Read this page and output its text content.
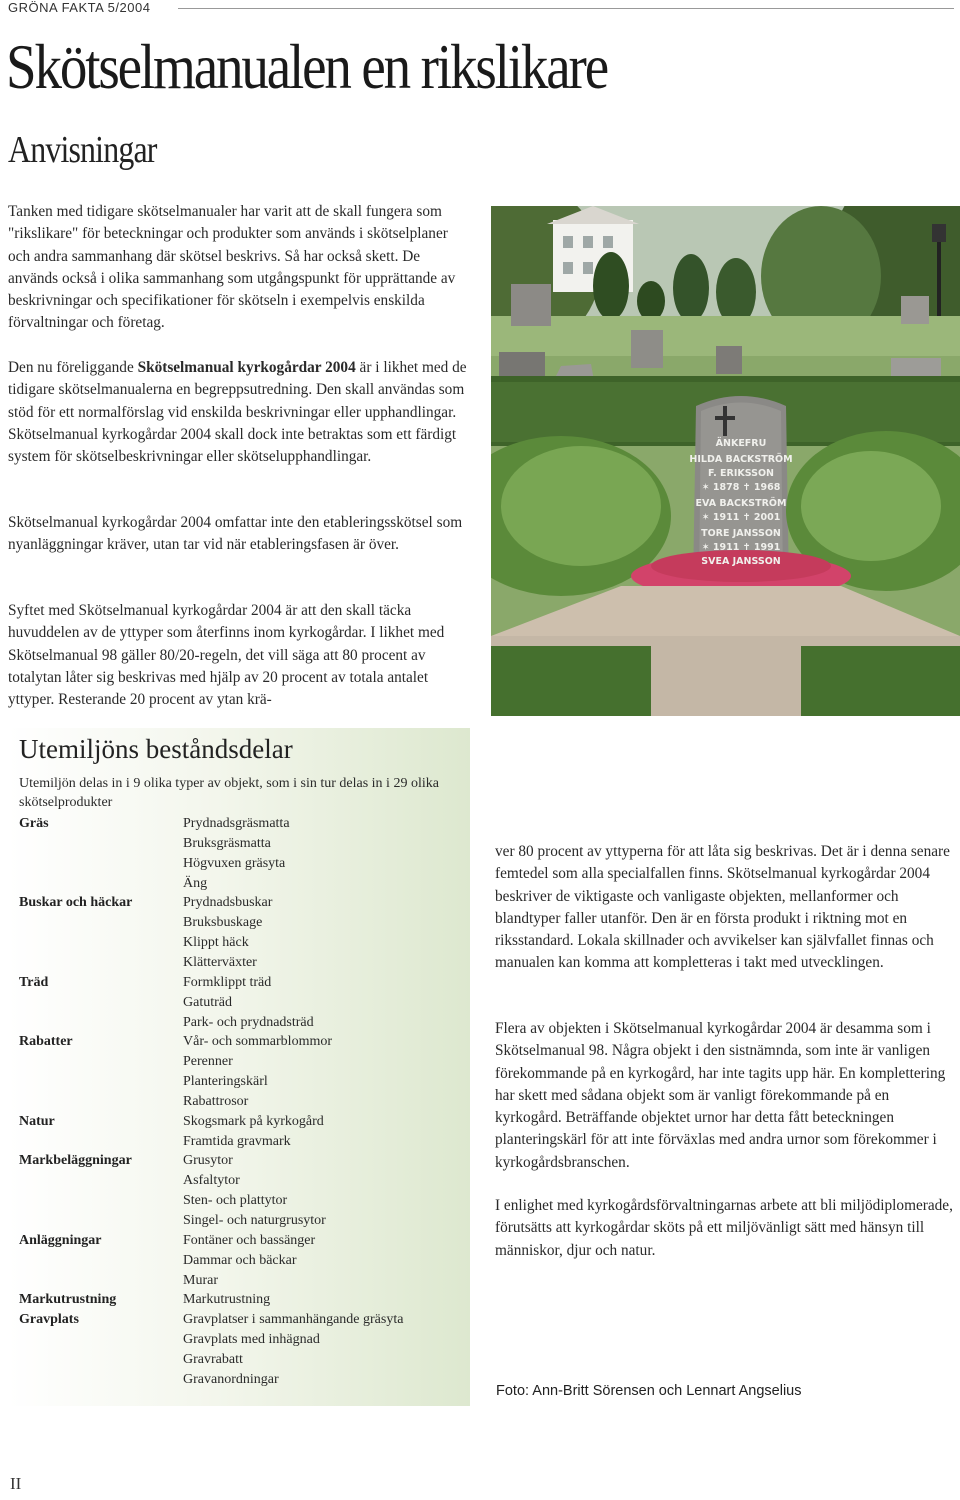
GRÖNA FAKTA 5/2004
Skötselmanualen en rikslikare
Anvisningar

Tanken med tidigare skötselmanualer har varit att de skall fungera som "rikslikare" för beteckningar och produkter som används i skötselplaner och andra sammanhang där skötsel beskrivs. Så har också skett. De används också i olika sammanhang som utgångspunkt för upprättande av beskrivningar och specifikationer för skötseln i exempelvis enskilda förvaltningar och företag.

Den nu föreliggande Skötselmanual kyrkogårdar 2004 är i likhet med de tidigare skötselmanualerna en begreppsutredning. Den skall användas som stöd för ett normalförslag vid enskilda beskrivningar eller upphandlingar. Skötselmanual kyrkogårdar 2004 skall dock inte betraktas som ett färdigt system för skötselbeskrivningar eller skötselupphandlingar.

Skötselmanual kyrkogårdar 2004 omfattar inte den etableringsskötsel som nyanläggningar kräver, utan tar vid när etableringsfasen är över.

Syftet med Skötselmanual kyrkogårdar 2004 är att den skall täcka huvuddelen av de yttyper som återfinns inom kyrkogårdar. I likhet med Skötselmanual 98 gäller 80/20-regeln, det vill säga att 80 procent av totalytan låter sig beskrivas med hjälp av 20 procent av totala antalet yttyper. Resterande 20 procent av ytan krä-

ÄNKEFRU
HILDA BACKSTRÖM
F. ERIKSSON
✶ 1878 ✝ 1968
EVA BACKSTRÖM
✶ 1911 ✝ 2001
TORE JANSSON
✶ 1911 ✝ 1991
SVEA JANSSON
Utemiljöns beståndsdelar
Utemiljön delas in i 9 olika typer av objekt, som i sin tur delas in i 29 olika skötselprodukter
Gräs	Prydnadsgräsmatta
Bruksgräsmatta
Högvuxen gräsyta
Äng
Buskar och häckar	Prydnadsbuskar
Bruksbuskage
Klippt häck
Klätterväxter
Träd	Formklippt träd
Gatuträd
Park- och prydnadsträd
Rabatter	Vår- och sommarblommor
Perenner
Planteringskärl
Rabattrosor
Natur	Skogsmark på kyrkogård
Framtida gravmark
Markbeläggningar	Grusytor
Asfaltytor
Sten- och plattytor
Singel- och naturgrusytor
Anläggningar	Fontäner och bassänger
Dammar och bäckar
Murar
Markutrustning	Markutrustning
Gravplats	Gravplatser i sammanhängande gräsyta
Gravplats med inhägnad
Gravrabatt
Gravanordningar

ver 80 procent av yttyperna för att låta sig beskrivas. Det är i denna senare femtedel som alla specialfallen finns. Skötselmanual kyrkogårdar 2004 beskriver de viktigaste och vanligaste objekten, mellanformer och blandtyper faller utanför. Den är en första produkt i riktning mot en riksstandard. Lokala skillnader och avvikelser kan självfallet finnas och manualen kan komma att kompletteras i takt med utvecklingen.

Flera av objekten i Skötselmanual kyrkogårdar 2004 är desamma som i Skötselmanual 98. Några objekt i den sistnämnda, som inte är vanligen förekommande på en kyrkogård, har inte tagits upp här. En komplettering har skett med sådana objekt som är vanligt förekommande på en kyrkogård. Beträffande objektet urnor har detta fått beteckningen planteringskärl för att inte förväxlas med andra urnor som förekommer i kyrkogårdsbranschen.

I enlighet med kyrkogårdsförvaltningarnas arbete att bli miljödiplomerade, förutsätts att kyrkogårdar sköts på ett miljövänligt sätt med hänsyn till människor, djur och natur.

Foto: Ann-Britt Sörensen och Lennart Angselius
II
